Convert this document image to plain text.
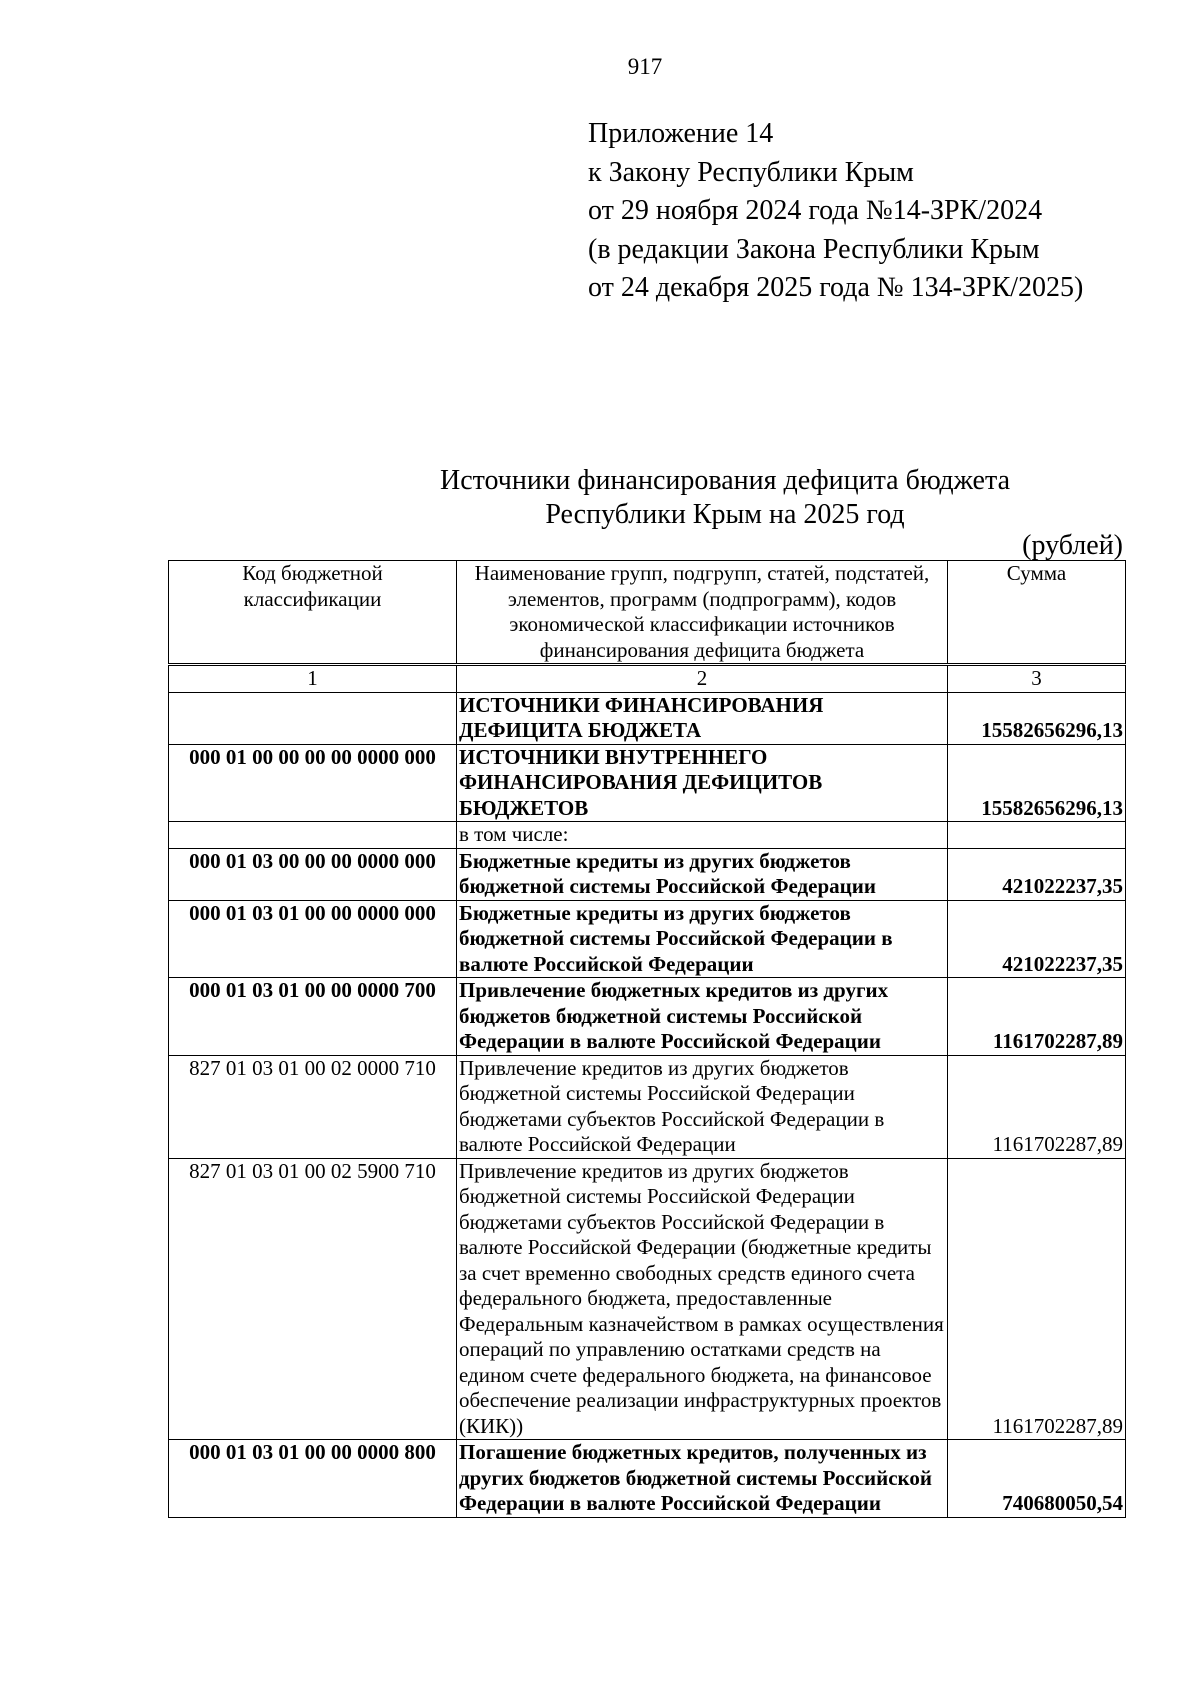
917
Приложение 14
к Закону Республики Крым
от 29 ноября 2024 года №14-ЗРК/2024
(в редакции Закона Республики Крым
от 24 декабря 2025 года № 134-ЗРК/2025)
Источники финансирования дефицита бюджета
Республики Крым на 2025 год
(рублей)
Код бюджетной классификации	Наименование групп, подгрупп, статей, подстатей, элементов, программ (подпрограмм), кодов экономической классификации источников финансирования дефицита бюджета	Сумма
1	2	3
	ИСТОЧНИКИ ФИНАНСИРОВАНИЯ ДЕФИЦИТА БЮДЖЕТА	15582656296,13
000 01 00 00 00 00 0000 000	ИСТОЧНИКИ ВНУТРЕННЕГО ФИНАНСИРОВАНИЯ ДЕФИЦИТОВ БЮДЖЕТОВ	15582656296,13
	в том числе:	
000 01 03 00 00 00 0000 000	Бюджетные кредиты из других бюджетов бюджетной системы Российской Федерации	421022237,35
000 01 03 01 00 00 0000 000	Бюджетные кредиты из других бюджетов бюджетной системы Российской Федерации в валюте Российской Федерации	421022237,35
000 01 03 01 00 00 0000 700	Привлечение бюджетных кредитов из других бюджетов бюджетной системы Российской Федерации в валюте Российской Федерации	1161702287,89
827 01 03 01 00 02 0000 710	Привлечение кредитов из других бюджетов бюджетной системы Российской Федерации бюджетами субъектов Российской Федерации в валюте Российской Федерации	1161702287,89
827 01 03 01 00 02 5900 710	Привлечение кредитов из других бюджетов бюджетной системы Российской Федерации бюджетами субъектов Российской Федерации в валюте Российской Федерации (бюджетные кредиты за счет временно свободных средств единого счета федерального бюджета, предоставленные Федеральным казначейством в рамках осуществления операций по управлению остатками средств на едином счете федерального бюджета, на финансовое обеспечение реализации инфраструктурных проектов (КИК))	1161702287,89
000 01 03 01 00 00 0000 800	Погашение бюджетных кредитов, полученных из других бюджетов бюджетной системы Российской Федерации в валюте Российской Федерации	740680050,54
